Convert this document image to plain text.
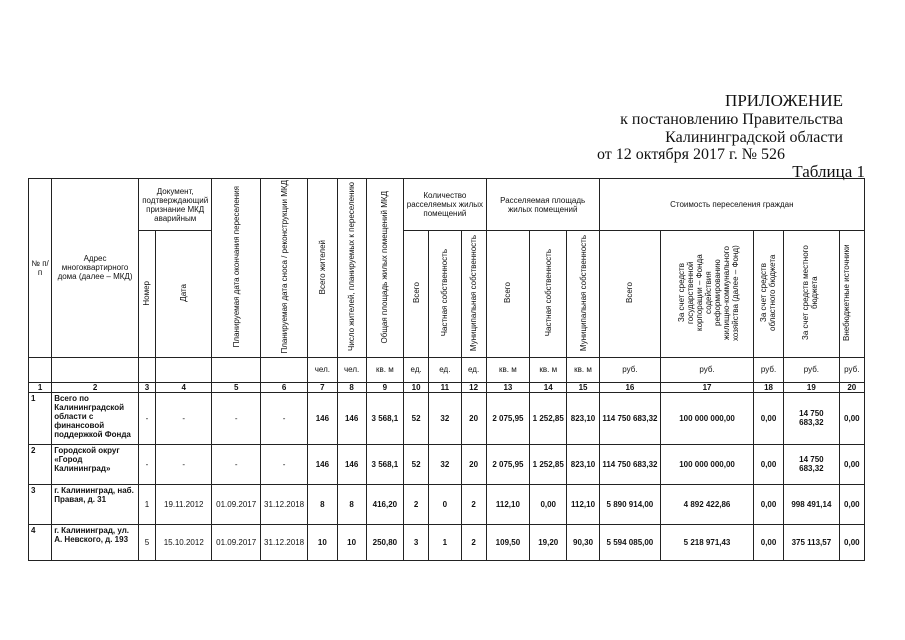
ПРИЛОЖЕНИЕ
к постановлению Правительства
Калининградской области
от 12 октября 2017 г. № 526
Таблица 1
№ п/п	Адрес многоквартирного дома (далее – МКД)	Документ, подтверждающий признание МКД аварийным		Планируемая дата окончания переселения	Планируемая дата сноса / реконструкции МКД	Всего жителей	Число жителей, планируемых к переселению	Общая площадь жилых помещений МКД	Количество расселяемых жилых помещений			Расселяемая площадь жилых помещений			Стоимость переселения граждан				
		Номер	Дата						Всего	Частная собственность	Муниципальная собственность	Всего	Частная собственность	Муниципальная собственность	Всего	За счет средств государственной корпорации – Фонда содействия реформированию жилищно-коммунального хозяйства (далее – Фонд)	За счет средств областного бюджета	За счет средств местного бюджета	Внебюджетные источники
						чел.	чел.	кв. м	ед.	ед.	ед.	кв. м	кв. м	кв. м	руб.	руб.	руб.	руб.	руб.
1	2	3	4	5	6	7	8	9	10	11	12	13	14	15	16	17	18	19	20
1	Всего по Калининградской области с финансовой поддержкой Фонда	-	-	-	-	146	146	3 568,1	52	32	20	2 075,95	1 252,85	823,10	114 750 683,32	100 000 000,00	0,00	14 750 683,32	0,00
2	Городской округ «Город Калининград»	-	-	-	-	146	146	3 568,1	52	32	20	2 075,95	1 252,85	823,10	114 750 683,32	100 000 000,00	0,00	14 750 683,32	0,00
3	г. Калининград, наб. Правая, д. 31	1	19.11.2012	01.09.2017	31.12.2018	8	8	416,20	2	0	2	112,10	0,00	112,10	5 890 914,00	4 892 422,86	0,00	998 491,14	0,00
4	г. Калининград, ул. А. Невского, д. 193	5	15.10.2012	01.09.2017	31.12.2018	10	10	250,80	3	1	2	109,50	19,20	90,30	5 594 085,00	5 218 971,43	0,00	375 113,57	0,00
